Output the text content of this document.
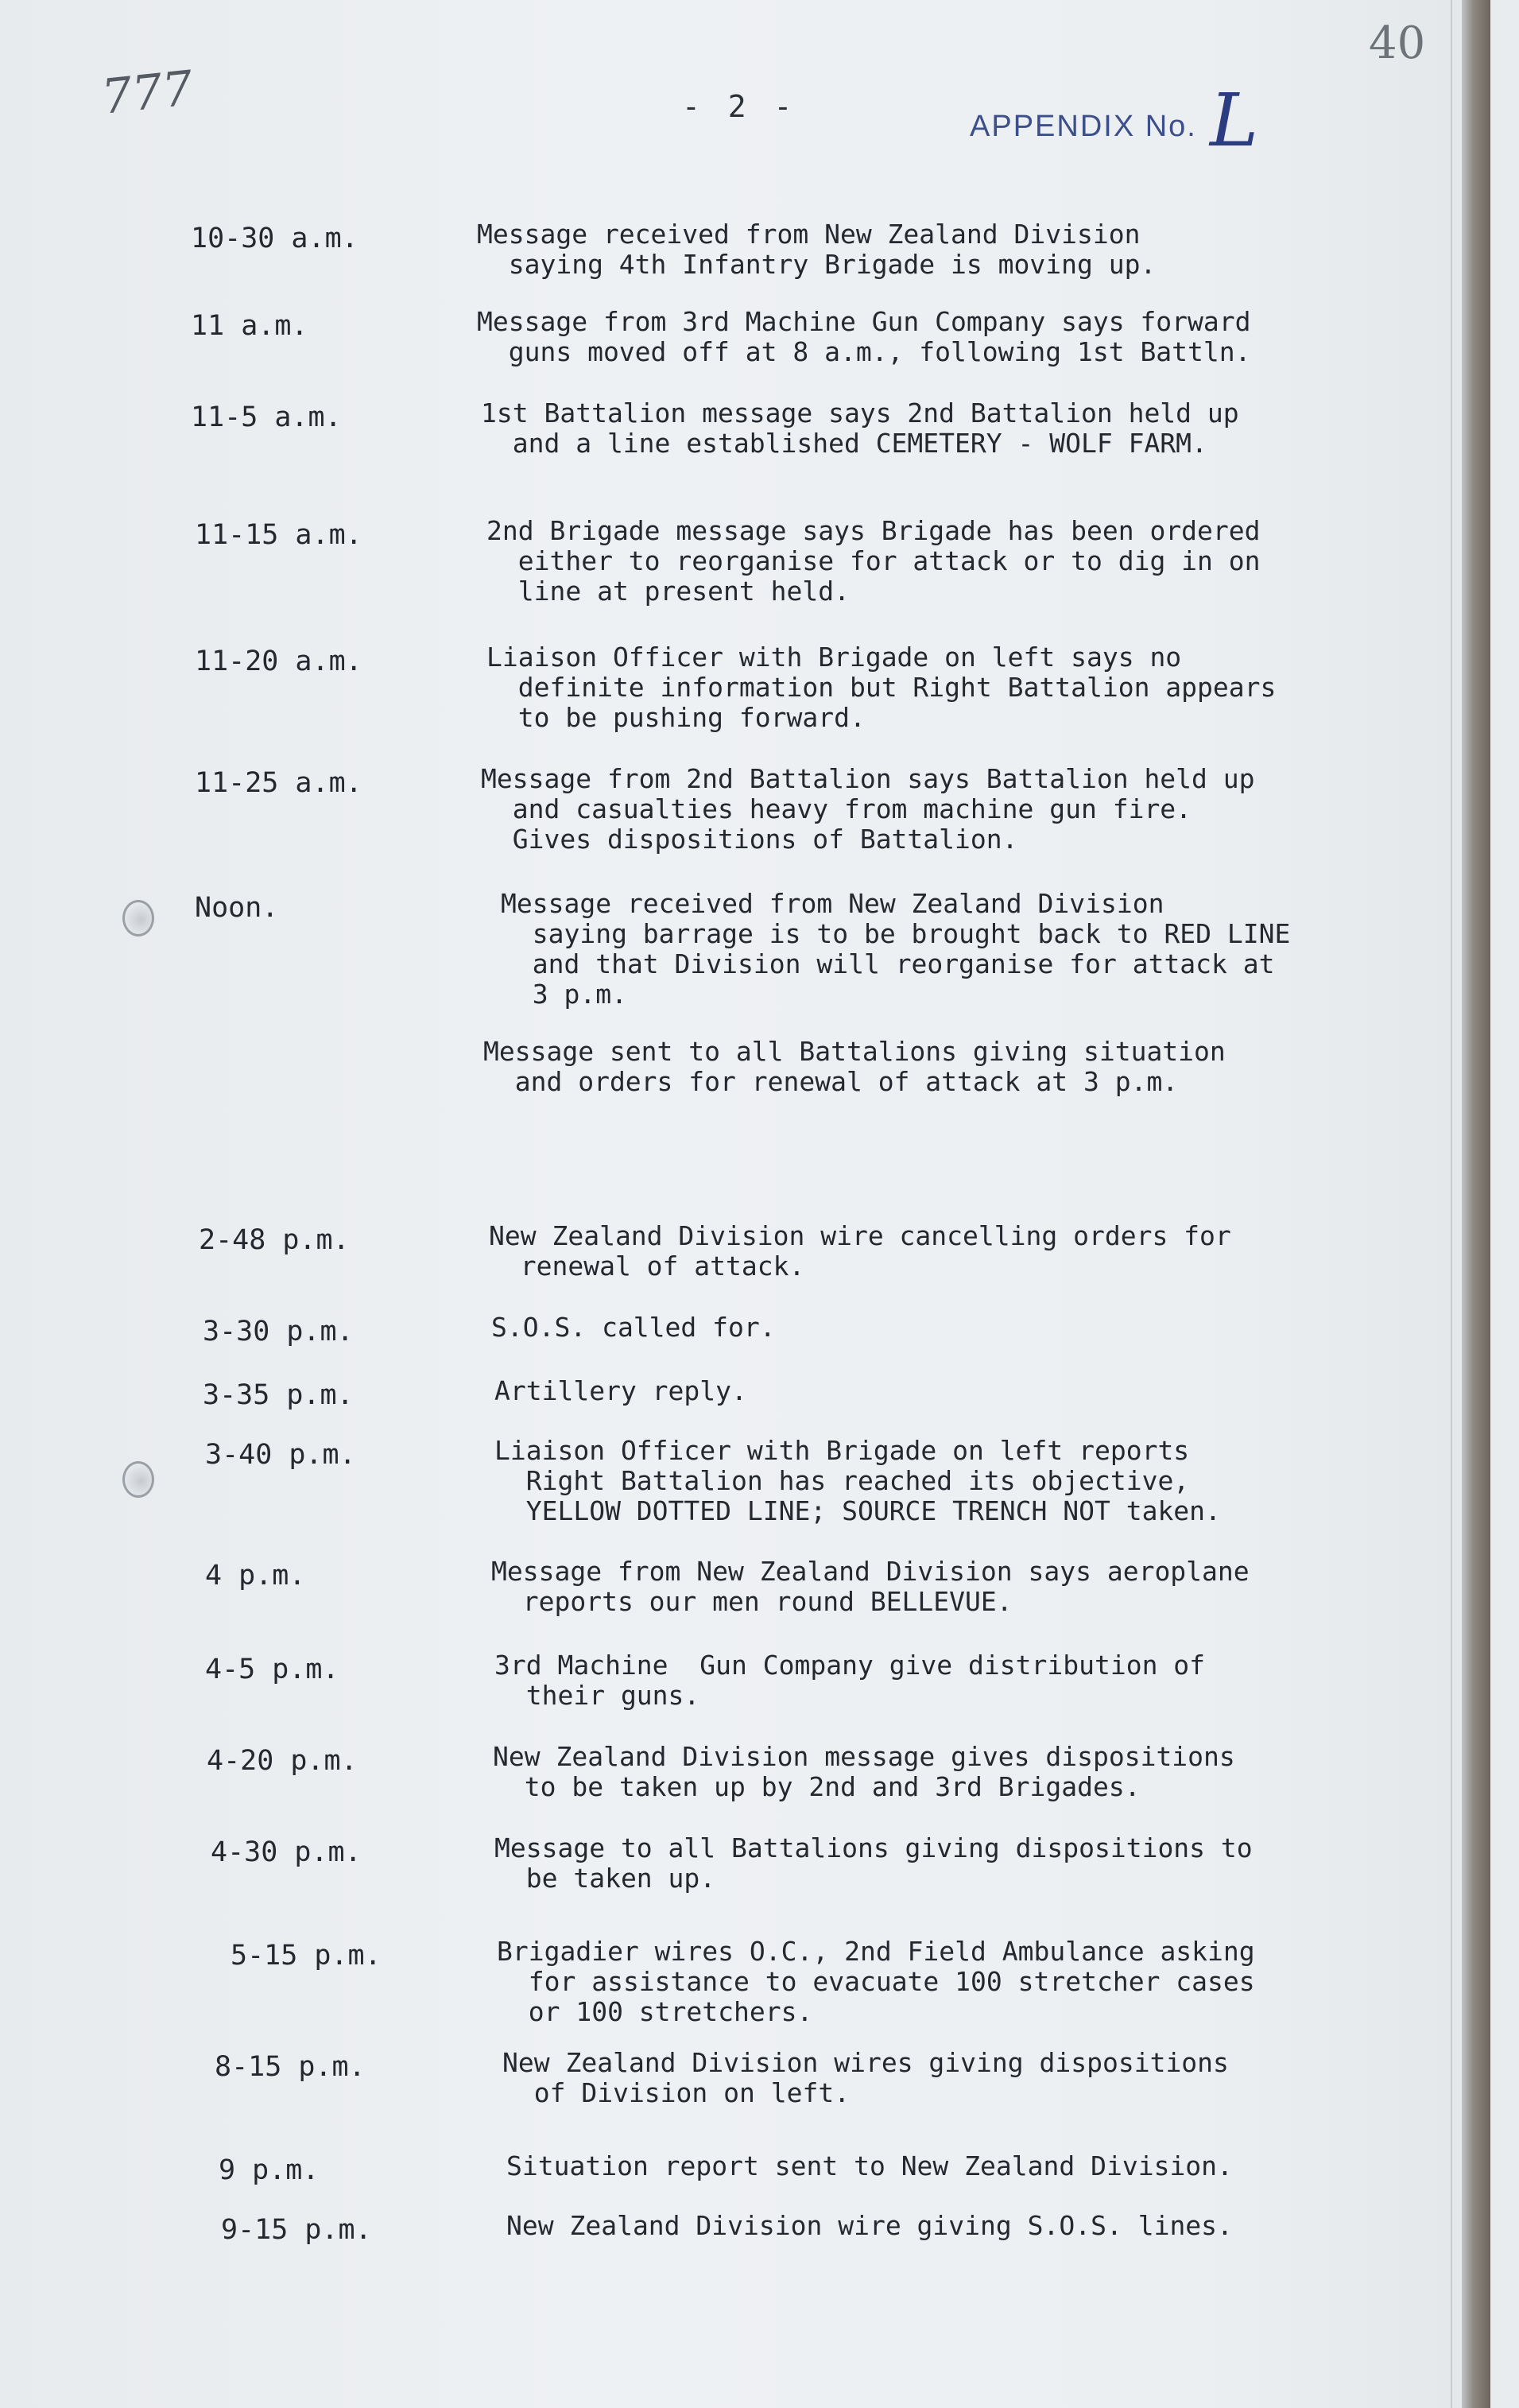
777
40
- 2 -
APPENDIX No. L
10-30 a.m.	Message received from New Zealand Division
saying 4th Infantry Brigade is moving up.
11 a.m.	Message from 3rd Machine Gun Company says forward
guns moved off at 8 a.m., following 1st Battln.
11-5 a.m.	1st Battalion message says 2nd Battalion held up
and a line established CEMETERY - WOLF FARM.
11-15 a.m.	2nd Brigade message says Brigade has been ordered
either to reorganise for attack or to dig in on
line at present held.
11-20 a.m.	Liaison Officer with Brigade on left says no
definite information but Right Battalion appears
to be pushing forward.
11-25 a.m.	Message from 2nd Battalion says Battalion held up
and casualties heavy from machine gun fire.
Gives dispositions of Battalion.
Noon.	Message received from New Zealand Division
saying barrage is to be brought back to RED LINE
and that Division will reorganise for attack at
3 p.m.
Message sent to all Battalions giving situation
and orders for renewal of attack at 3 p.m.
2-48 p.m.	New Zealand Division wire cancelling orders for
renewal of attack.
3-30 p.m.	S.O.S. called for.
3-35 p.m.	Artillery reply.
3-40 p.m.	Liaison Officer with Brigade on left reports
Right Battalion has reached its objective,
YELLOW DOTTED LINE; SOURCE TRENCH NOT taken.
4 p.m.	Message from New Zealand Division says aeroplane
reports our men round BELLEVUE.
4-5 p.m.	3rd Machine  Gun Company give distribution of
their guns.
4-20 p.m.	New Zealand Division message gives dispositions
to be taken up by 2nd and 3rd Brigades.
4-30 p.m.	Message to all Battalions giving dispositions to
be taken up.
5-15 p.m.	Brigadier wires O.C., 2nd Field Ambulance asking
for assistance to evacuate 100 stretcher cases
or 100 stretchers.
8-15 p.m.	New Zealand Division wires giving dispositions
of Division on left.
9 p.m.	Situation report sent to New Zealand Division.
9-15 p.m.	New Zealand Division wire giving S.O.S. lines.
